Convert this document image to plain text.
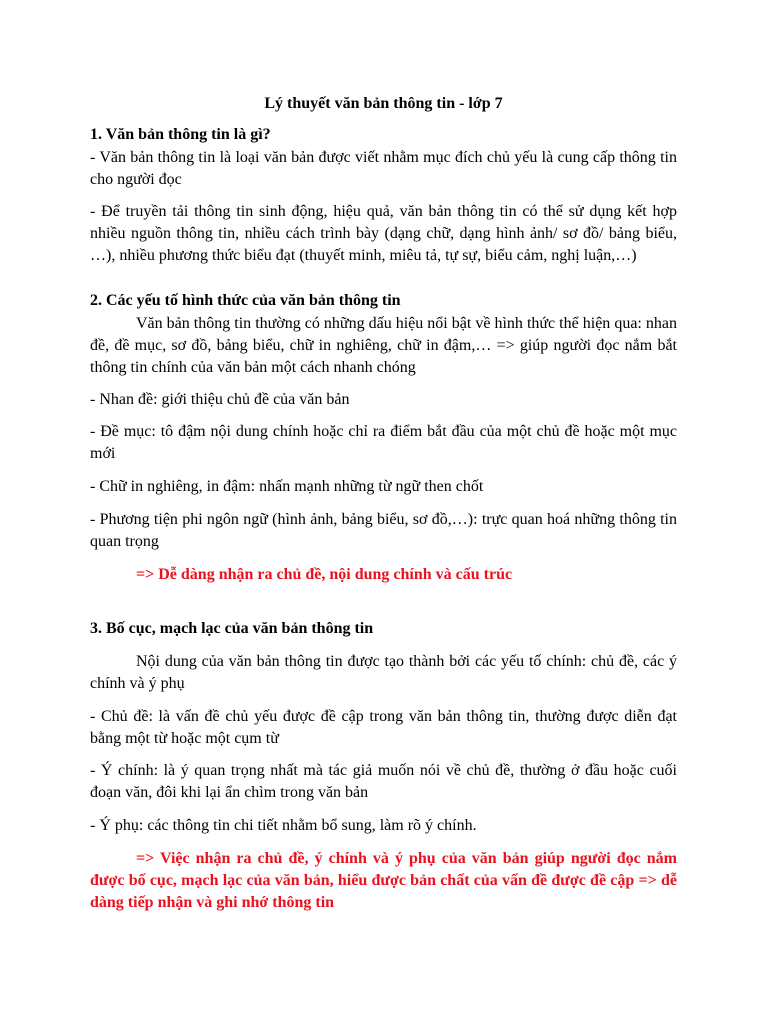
Lý thuyết văn bản thông tin - lớp 7
1. Văn bản thông tin là gì?
- Văn bản thông tin là loại văn bản được viết nhằm mục đích chủ yếu là cung cấp thông tin cho người đọc
- Để truyền tải thông tin sinh động, hiệu quả, văn bản thông tin có thể sử dụng kết hợp nhiều nguồn thông tin, nhiều cách trình bày (dạng chữ, dạng hình ảnh/ sơ đồ/ bảng biểu, …), nhiều phương thức biểu đạt (thuyết minh, miêu tả, tự sự, biểu cảm, nghị luận,…)
2. Các yếu tố hình thức của văn bản thông tin
Văn bản thông tin thường có những dấu hiệu nổi bật về hình thức thể hiện qua: nhan đề, đề mục, sơ đồ, bảng biểu, chữ in nghiêng, chữ in đậm,… => giúp người đọc nắm bắt thông tin chính của văn bản một cách nhanh chóng
- Nhan đề: giới thiệu chủ đề của văn bản
- Đề mục: tô đậm nội dung chính hoặc chỉ ra điểm bắt đầu của một chủ đề hoặc một mục mới
- Chữ in nghiêng, in đậm: nhấn mạnh những từ ngữ then chốt
- Phương tiện phi ngôn ngữ (hình ảnh, bảng biểu, sơ đồ,…): trực quan hoá những thông tin quan trọng
=> Dễ dàng nhận ra chủ đề, nội dung chính và cấu trúc
3. Bố cục, mạch lạc của văn bản thông tin
Nội dung của văn bản thông tin được tạo thành bởi các yếu tố chính: chủ đề, các ý chính và ý phụ
- Chủ đề: là vấn đề chủ yếu được đề cập trong văn bản thông tin, thường được diễn đạt bằng một từ hoặc một cụm từ
- Ý chính: là ý quan trọng nhất mà tác giả muốn nói về chủ đề, thường ở đầu hoặc cuối đoạn văn, đôi khi lại ẩn chìm trong văn bản
- Ý phụ: các thông tin chi tiết nhằm bổ sung, làm rõ ý chính.
=> Việc nhận ra chủ đề, ý chính và ý phụ của văn bản giúp người đọc nắm được bố cục, mạch lạc của văn bản, hiểu được bản chất của vấn đề được đề cập => dễ dàng tiếp nhận và ghi nhớ thông tin
